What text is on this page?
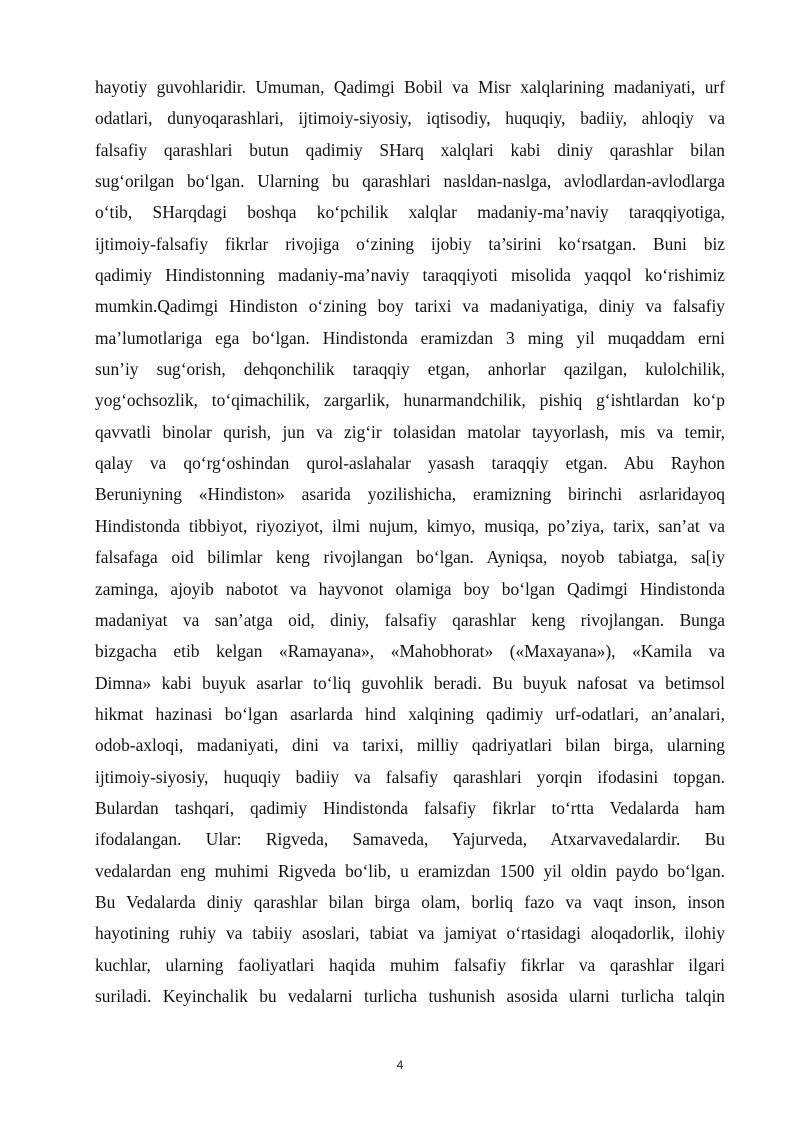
hayotiy guvohlaridir. Umuman, Qadimgi Bobil va Misr xalqlarining madaniyati, urf
odatlari, dunyoqarashlari, ijtimoiy-siyosiy, iqtisodiy, huquqiy, badiiy, ahloqiy va
falsafiy qarashlari butun qadimiy SHarq xalqlari kabi diniy qarashlar bilan
sug‘orilgan bo‘lgan. Ularning bu qarashlari nasldan-naslga, avlodlardan-avlodlarga
o‘tib, SHarqdagi boshqa ko‘pchilik xalqlar madaniy-ma’naviy taraqqiyotiga,
ijtimoiy-falsafiy fikrlar rivojiga o‘zining ijobiy ta’sirini ko‘rsatgan. Buni biz
qadimiy Hindistonning madaniy-ma’naviy taraqqiyoti misolida yaqqol ko‘rishimiz
mumkin.Qadimgi Hindiston o‘zining boy tarixi va madaniyatiga, diniy va falsafiy
ma’lumotlariga ega bo‘lgan. Hindistonda eramizdan 3 ming yil muqaddam erni
sun’iy sug‘orish, dehqonchilik taraqqiy etgan, anhorlar qazilgan, kulolchilik,
yog‘ochsozlik, to‘qimachilik, zargarlik, hunarmandchilik, pishiq g‘ishtlardan ko‘p
qavvatli binolar qurish, jun va zig‘ir tolasidan matolar tayyorlash, mis va temir,
qalay va qo‘rg‘oshindan qurol-aslahalar yasash taraqqiy etgan. Abu Rayhon
Beruniyning «Hindiston» asarida yozilishicha, eramizning birinchi asrlaridayoq
Hindistonda tibbiyot, riyoziyot, ilmi nujum, kimyo, musiqa, po’ziya, tarix, san’at va
falsafaga oid bilimlar keng rivojlangan bo‘lgan. Ayniqsa, noyob tabiatga, sa[iy
zaminga, ajoyib nabotot va hayvonot olamiga boy bo‘lgan Qadimgi Hindistonda
madaniyat va san’atga oid, diniy, falsafiy qarashlar keng rivojlangan. Bunga
bizgacha etib kelgan «Ramayana», «Mahobhorat» («Maxayana»), «Kamila va
Dimna» kabi buyuk asarlar to‘liq guvohlik beradi. Bu buyuk nafosat va betimsol
hikmat hazinasi bo‘lgan asarlarda hind xalqining qadimiy urf-odatlari, an’analari,
odob-axloqi, madaniyati, dini va tarixi, milliy qadriyatlari bilan birga, ularning
ijtimoiy-siyosiy, huquqiy badiiy va falsafiy qarashlari yorqin ifodasini topgan.
Bulardan tashqari, qadimiy Hindistonda falsafiy fikrlar to‘rtta Vedalarda ham
ifodalangan. Ular: Rigveda, Samaveda, Yajurveda, Atxarvavedalardir. Bu
vedalardan eng muhimi Rigveda bo‘lib, u eramizdan 1500 yil oldin paydo bo‘lgan.
Bu Vedalarda diniy qarashlar bilan birga olam, borliq fazo va vaqt inson, inson
hayotining ruhiy va tabiiy asoslari, tabiat va jamiyat o‘rtasidagi aloqadorlik, ilohiy
kuchlar, ularning faoliyatlari haqida muhim falsafiy fikrlar va qarashlar ilgari
suriladi. Keyinchalik bu vedalarni turlicha tushunish asosida ularni turlicha talqin
4
